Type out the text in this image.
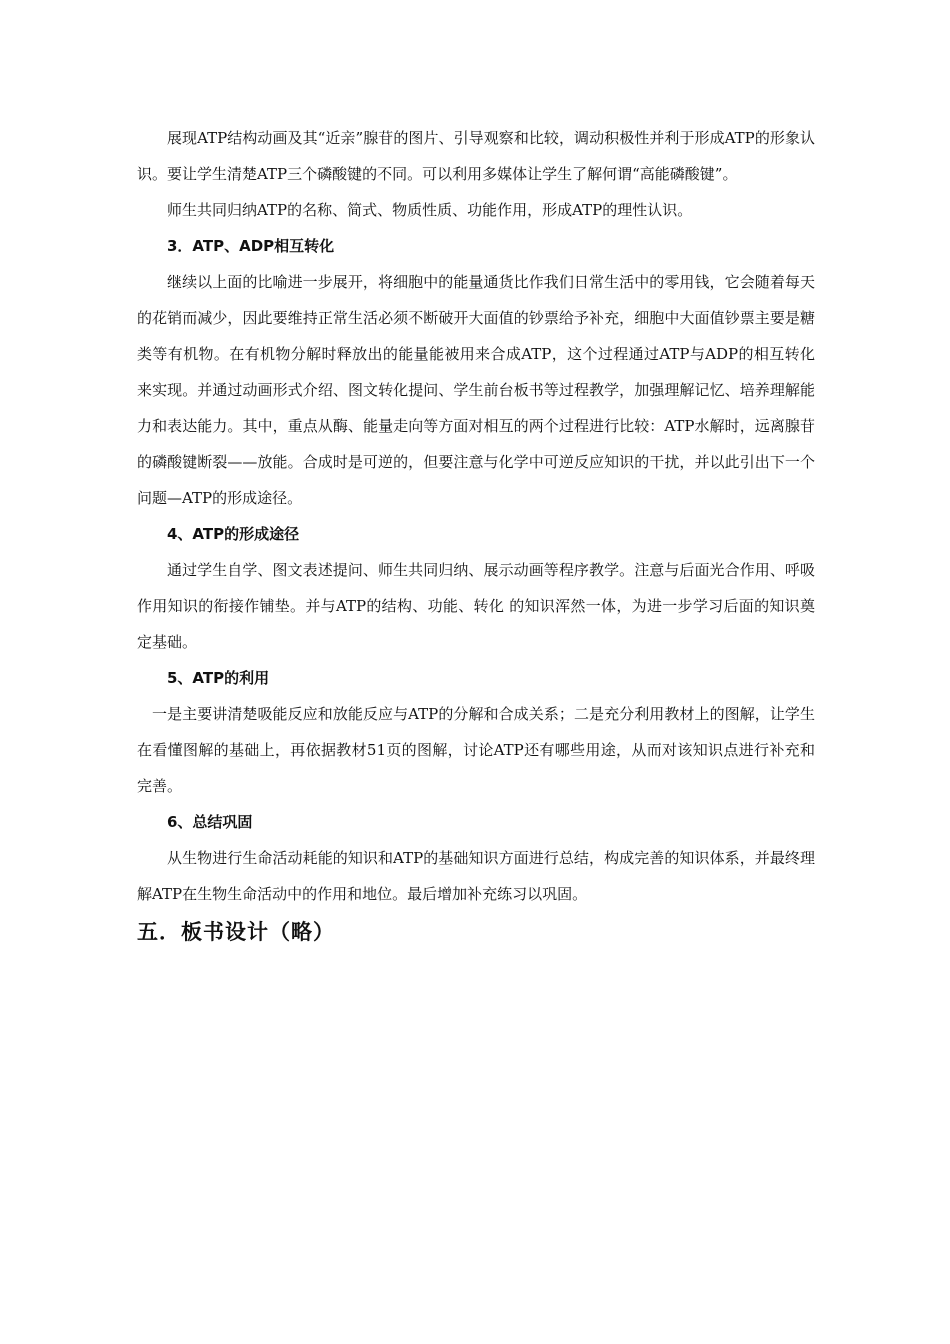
展现ATP结构动画及其“近亲”腺苷的图片、引导观察和比较，调动积极性并利于形成ATP的形象认识。要让学生清楚ATP三个磷酸键的不同。可以利用多媒体让学生了解何谓“高能磷酸键”。

师生共同归纳ATP的名称、简式、物质性质、功能作用，形成ATP的理性认识。

3．ATP、ADP相互转化

继续以上面的比喻进一步展开，将细胞中的能量通货比作我们日常生活中的零用钱，它会随着每天的花销而减少，因此要维持正常生活必须不断破开大面值的钞票给予补充，细胞中大面值钞票主要是糖类等有机物。在有机物分解时释放出的能量能被用来合成ATP，这个过程通过ATP与ADP的相互转化来实现。并通过动画形式介绍、图文转化提问、学生前台板书等过程教学，加强理解记忆、培养理解能力和表达能力。其中，重点从酶、能量走向等方面对相互的两个过程进行比较：ATP水解时，远离腺苷的磷酸键断裂——放能。合成时是可逆的，但要注意与化学中可逆反应知识的干扰，并以此引出下一个问题—ATP的形成途径。

4、ATP的形成途径

通过学生自学、图文表述提问、师生共同归纳、展示动画等程序教学。注意与后面光合作用、呼吸作用知识的衔接作铺垫。并与ATP的结构、功能、转化 的知识浑然一体，为进一步学习后面的知识奠定基础。

5、ATP的利用

一是主要讲清楚吸能反应和放能反应与ATP的分解和合成关系；二是充分利用教材上的图解，让学生在看懂图解的基础上，再依据教材51页的图解，讨论ATP还有哪些用途，从而对该知识点进行补充和完善。

6、总结巩固

从生物进行生命活动耗能的知识和ATP的基础知识方面进行总结，构成完善的知识体系，并最终理解ATP在生物生命活动中的作用和地位。最后增加补充练习以巩固。

五．板书设计（略）
